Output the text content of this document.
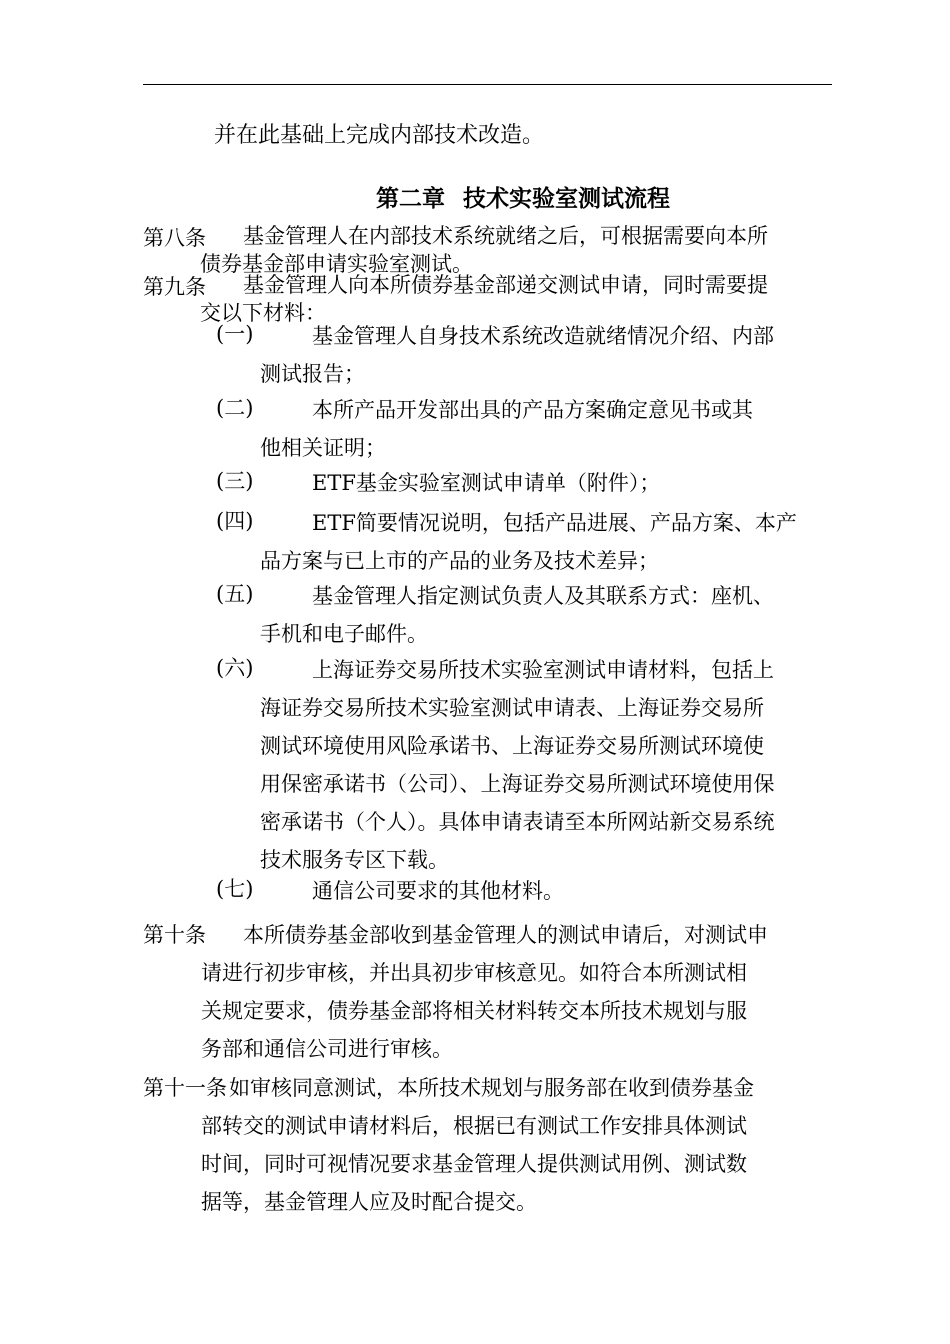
并在此基础上完成内部技术改造。
第二章 技术实验室测试流程
第八条 基金管理人在内部技术系统就绪之后，可根据需要向本所
债券基金部申请实验室测试。
第九条 基金管理人向本所债券基金部递交测试申请，同时需要提
交以下材料：
(一)	基金管理人自身技术系统改造就绪情况介绍、内部
测试报告；
(二)	本所产品开发部出具的产品方案确定意见书或其
他相关证明；
(三)	ETF基金实验室测试申请单（附件）；
(四)	ETF简要情况说明，包括产品进展、产品方案、本产
品方案与已上市的产品的业务及技术差异；
(五)	基金管理人指定测试负责人及其联系方式：座机、
手机和电子邮件。
(六)	上海证券交易所技术实验室测试申请材料，包括上
海证券交易所技术实验室测试申请表、上海证券交易所
测试环境使用风险承诺书、上海证券交易所测试环境使
用保密承诺书（公司）、上海证券交易所测试环境使用保
密承诺书（个人）。具体申请表请至本所网站新交易系统
技术服务专区下载。
(七)	通信公司要求的其他材料。
第十条 本所债券基金部收到基金管理人的测试申请后，对测试申
请进行初步审核，并出具初步审核意见。如符合本所测试相
关规定要求，债券基金部将相关材料转交本所技术规划与服
务部和通信公司进行审核。
第十一条 如审核同意测试，本所技术规划与服务部在收到债券基金
部转交的测试申请材料后，根据已有测试工作安排具体测试
时间，同时可视情况要求基金管理人提供测试用例、测试数
据等，基金管理人应及时配合提交。
